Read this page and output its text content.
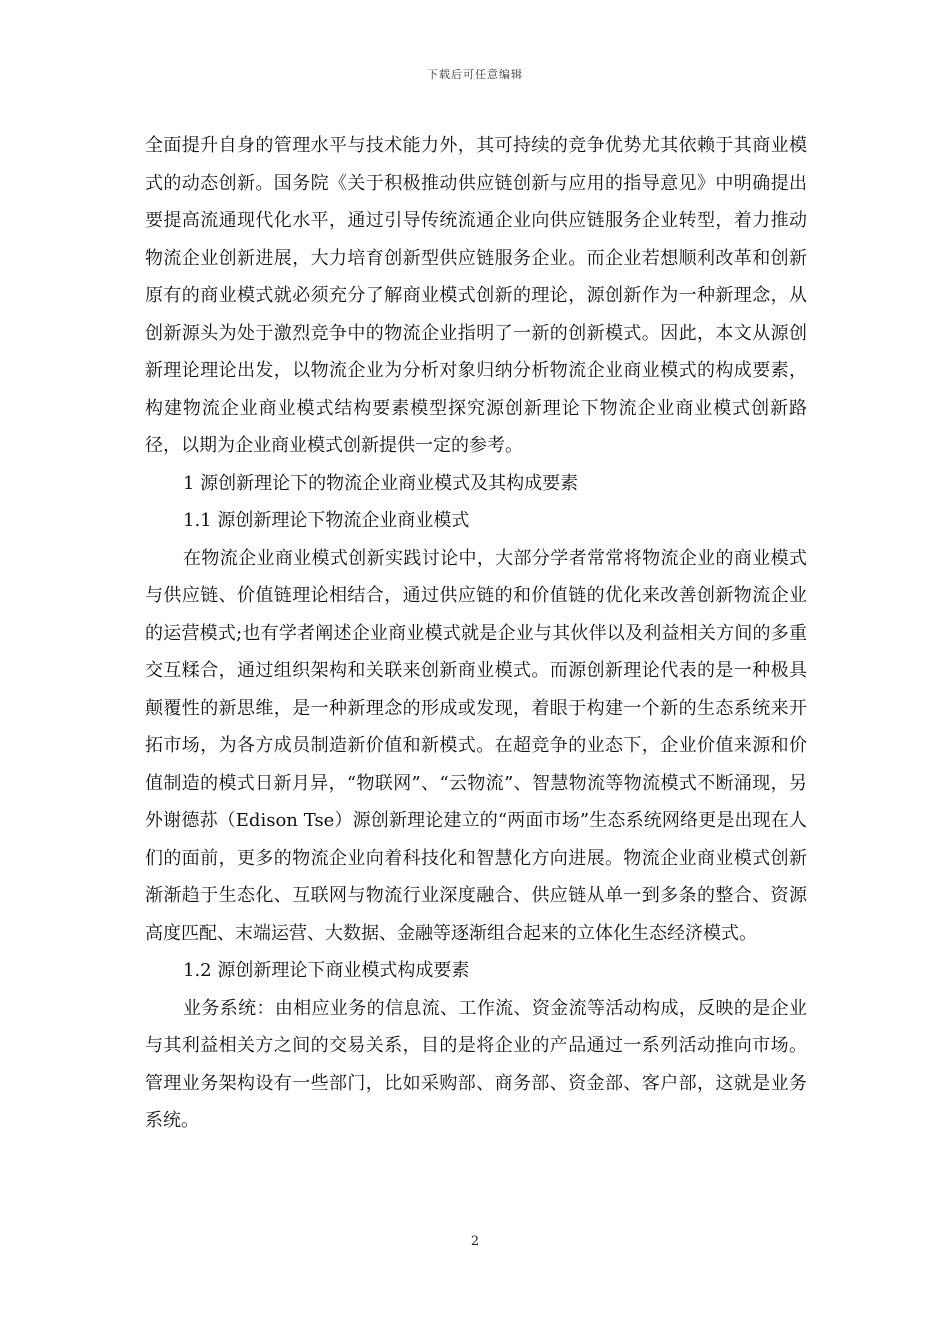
下载后可任意编辑

全面提升自身的管理水平与技术能力外，其可持续的竞争优势尤其依赖于其商业模式的动态创新。国务院《关于积极推动供应链创新与应用的指导意见》中明确提出要提高流通现代化水平，通过引导传统流通企业向供应链服务企业转型，着力推动物流企业创新进展，大力培育创新型供应链服务企业。而企业若想顺利改革和创新原有的商业模式就必须充分了解商业模式创新的理论，源创新作为一种新理念，从创新源头为处于激烈竞争中的物流企业指明了一新的创新模式。因此，本文从源创新理论理论出发，以物流企业为分析对象归纳分析物流企业商业模式的构成要素，构建物流企业商业模式结构要素模型探究源创新理论下物流企业商业模式创新路径，以期为企业商业模式创新提供一定的参考。

1 源创新理论下的物流企业商业模式及其构成要素

1.1 源创新理论下物流企业商业模式

在物流企业商业模式创新实践讨论中，大部分学者常常将物流企业的商业模式与供应链、价值链理论相结合，通过供应链的和价值链的优化来改善创新物流企业的运营模式;也有学者阐述企业商业模式就是企业与其伙伴以及利益相关方间的多重交互糅合，通过组织架构和关联来创新商业模式。而源创新理论代表的是一种极具颠覆性的新思维，是一种新理念的形成或发现，着眼于构建一个新的生态系统来开拓市场，为各方成员制造新价值和新模式。在超竞争的业态下，企业价值来源和价值制造的模式日新月异，“物联网”、“云物流”、智慧物流等物流模式不断涌现，另外谢德荪（Edison Tse）源创新理论建立的“两面市场”生态系统网络更是出现在人们的面前，更多的物流企业向着科技化和智慧化方向进展。物流企业商业模式创新渐渐趋于生态化、互联网与物流行业深度融合、供应链从单一到多条的整合、资源高度匹配、末端运营、大数据、金融等逐渐组合起来的立体化生态经济模式。

1.2 源创新理论下商业模式构成要素

业务系统：由相应业务的信息流、工作流、资金流等活动构成，反映的是企业与其利益相关方之间的交易关系，目的是将企业的产品通过一系列活动推向市场。管理业务架构设有一些部门，比如采购部、商务部、资金部、客户部，这就是业务系统。

2
